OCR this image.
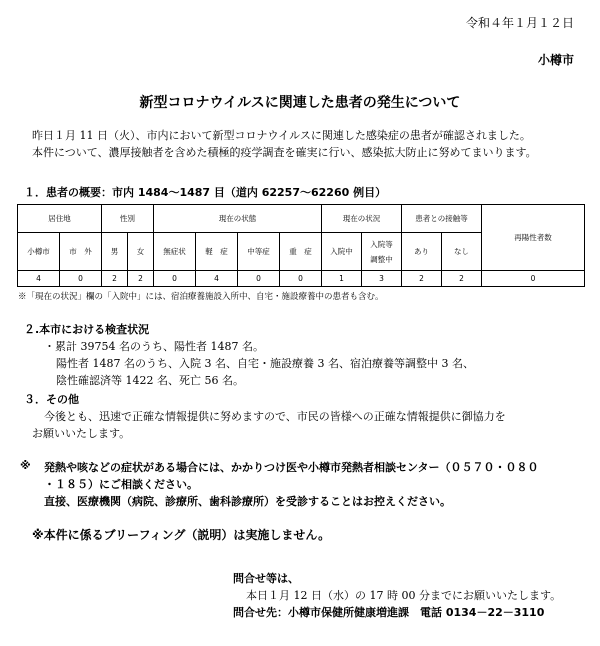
令和４年１月１２日
小樽市
新型コロナウイルスに関連した患者の発生について
昨日１月 11 日（火）、市内において新型コロナウイルスに関連した感染症の患者が確認されました。
本件について、濃厚接触者を含めた積極的疫学調査を確実に行い、感染拡大防止に努めてまいります。
１．患者の概要：市内 1484～1487 目（道内 62257～62260 例目）
居住地		性別		現在の状態				現在の状況		患者との接触等		再陽性者数
小樽市	市　外	男	女	無症状	軽　症	中等症	重　症	入院中	入院等
調整中	あり	なし	
4	0	2	2	0	4	0	0	1	3	2	2	0
※「現在の状況」欄の「入院中」には、宿泊療養施設入所中、自宅・施設療養中の患者も含む。
２.本市における検査状況
・累計 39754 名のうち、陽性者 1487 名。
陽性者 1487 名のうち、入院 3 名、自宅・施設療養 3 名、宿泊療養等調整中 3 名、
陰性確認済等 1422 名、死亡 56 名。
３．その他
今後とも、迅速で正確な情報提供に努めますので、市民の皆様への正確な情報提供に御協力を
お願いいたします。
※ 発熱や咳などの症状がある場合には、かかりつけ医や小樽市発熱者相談センター（０５７０・０８０
・１８５）にご相談ください。
直接、医療機関（病院、診療所、歯科診療所）を受診することはお控えください。
※本件に係るブリーフィング（説明）は実施しません。
問合せ等は、
本日１月 12 日（水）の 17 時 00 分までにお願いいたします。
問合せ先：小樽市保健所健康増進課　電話 0134－22－3110
